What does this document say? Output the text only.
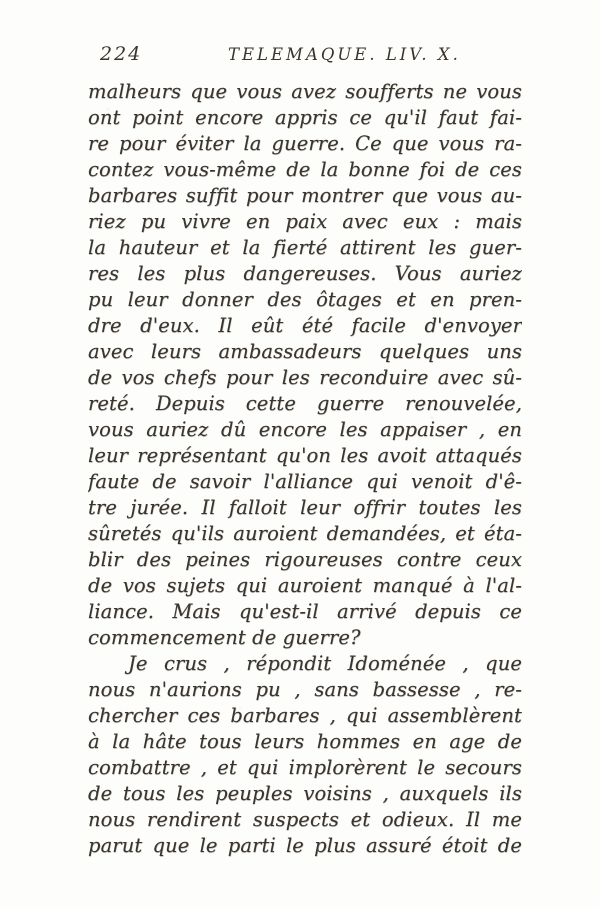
224	TELEMAQUE. LIV. X.
malheurs que vous avez soufferts ne vous
ont point encore appris ce qu'il faut fai-
re pour éviter la guerre. Ce que vous ra-
contez vous-même de la bonne foi de ces
barbares suffit pour montrer que vous au-
riez pu vivre en paix avec eux : mais
la hauteur et la fierté attirent les guer-
res les plus dangereuses. Vous auriez
pu leur donner des ôtages et en pren-
dre d'eux. Il eût été facile d'envoyer
avec leurs ambassadeurs quelques uns
de vos chefs pour les reconduire avec sû-
reté. Depuis cette guerre renouvelée,
vous auriez dû encore les appaiser , en
leur représentant qu'on les avoit attaqués
faute de savoir l'alliance qui venoit d'ê-
tre jurée. Il falloit leur offrir toutes les
sûretés qu'ils auroient demandées, et éta-
blir des peines rigoureuses contre ceux
de vos sujets qui auroient manqué à l'al-
liance. Mais qu'est-il arrivé depuis ce
commencement de guerre?
Je crus , répondit Idoménée , que
nous n'aurions pu , sans bassesse , re-
chercher ces barbares , qui assemblèrent
à la hâte tous leurs hommes en age de
combattre , et qui implorèrent le secours
de tous les peuples voisins , auxquels ils
nous rendirent suspects et odieux. Il me
parut que le parti le plus assuré étoit de
